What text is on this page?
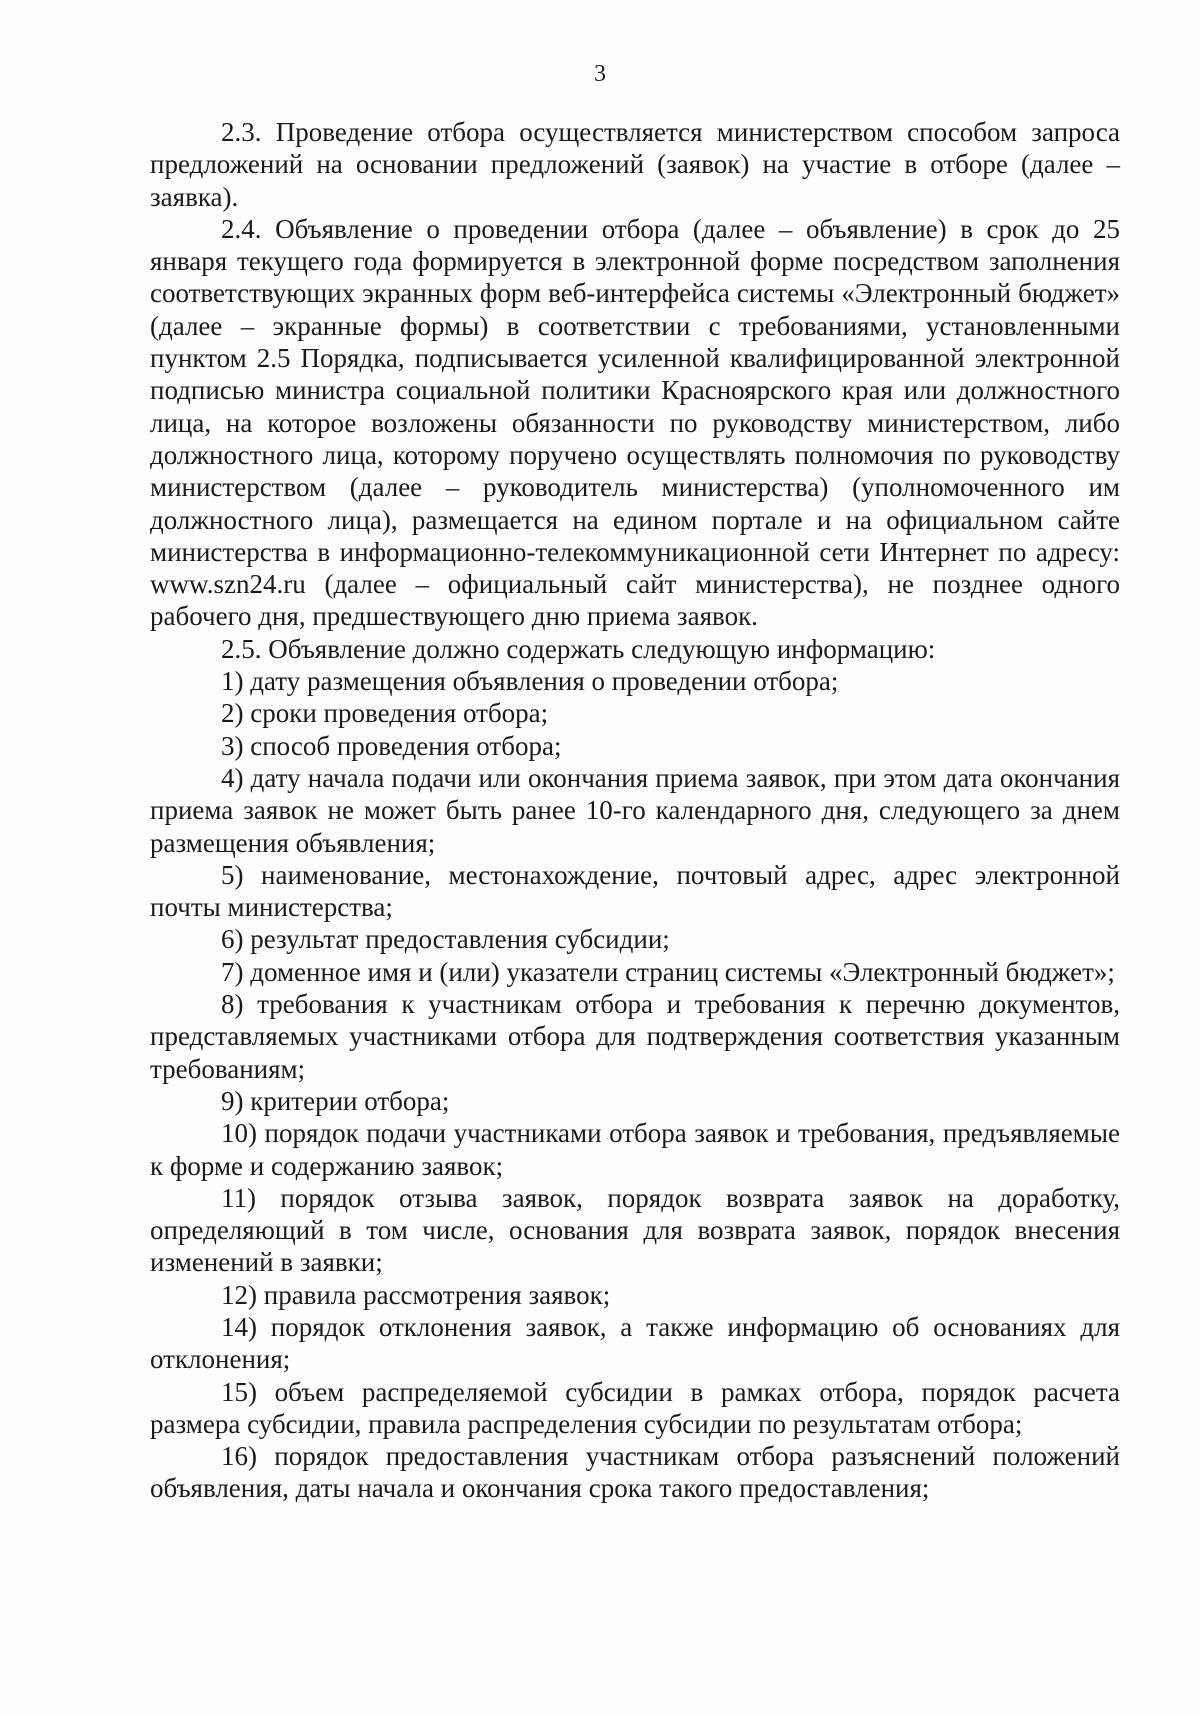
3

2.3. Проведение отбора осуществляется министерством способом запроса предложений на основании предложений (заявок) на участие в отборе (далее – заявка).

2.4. Объявление о проведении отбора (далее – объявление) в срок до 25 января текущего года формируется в электронной форме посредством заполнения соответствующих экранных форм веб-интерфейса системы «Электронный бюджет» (далее – экранные формы) в соответствии с требованиями, установленными пунктом 2.5 Порядка, подписывается усиленной квалифицированной электронной подписью министра социальной политики Красноярского края или должностного лица, на которое возложены обязанности по руководству министерством, либо должностного лица, которому поручено осуществлять полномочия по руководству министерством (далее – руководитель министерства) (уполномоченного им должностного лица), размещается на едином портале и на официальном сайте министерства в информационно-телекоммуникационной сети Интернет по адресу: www.szn24.ru (далее – официальный сайт министерства), не позднее одного рабочего дня, предшествующего дню приема заявок.

2.5. Объявление должно содержать следующую информацию:

1) дату размещения объявления о проведении отбора;

2) сроки проведения отбора;

3) способ проведения отбора;

4) дату начала подачи или окончания приема заявок, при этом дата окончания приема заявок не может быть ранее 10-го календарного дня, следующего за днем размещения объявления;

5) наименование, местонахождение, почтовый адрес, адрес электронной почты министерства;

6) результат предоставления субсидии;

7) доменное имя и (или) указатели страниц системы «Электронный бюджет»;

8) требования к участникам отбора и требования к перечню документов, представляемых участниками отбора для подтверждения соответствия указанным требованиям;

9) критерии отбора;

10) порядок подачи участниками отбора заявок и требования, предъявляемые к форме и содержанию заявок;

11) порядок отзыва заявок, порядок возврата заявок на доработку, определяющий в том числе, основания для возврата заявок, порядок внесения изменений в заявки;

12) правила рассмотрения заявок;

14) порядок отклонения заявок, а также информацию об основаниях для отклонения;

15) объем распределяемой субсидии в рамках отбора, порядок расчета размера субсидии, правила распределения субсидии по результатам отбора;

16) порядок предоставления участникам отбора разъяснений положений объявления, даты начала и окончания срока такого предоставления;
